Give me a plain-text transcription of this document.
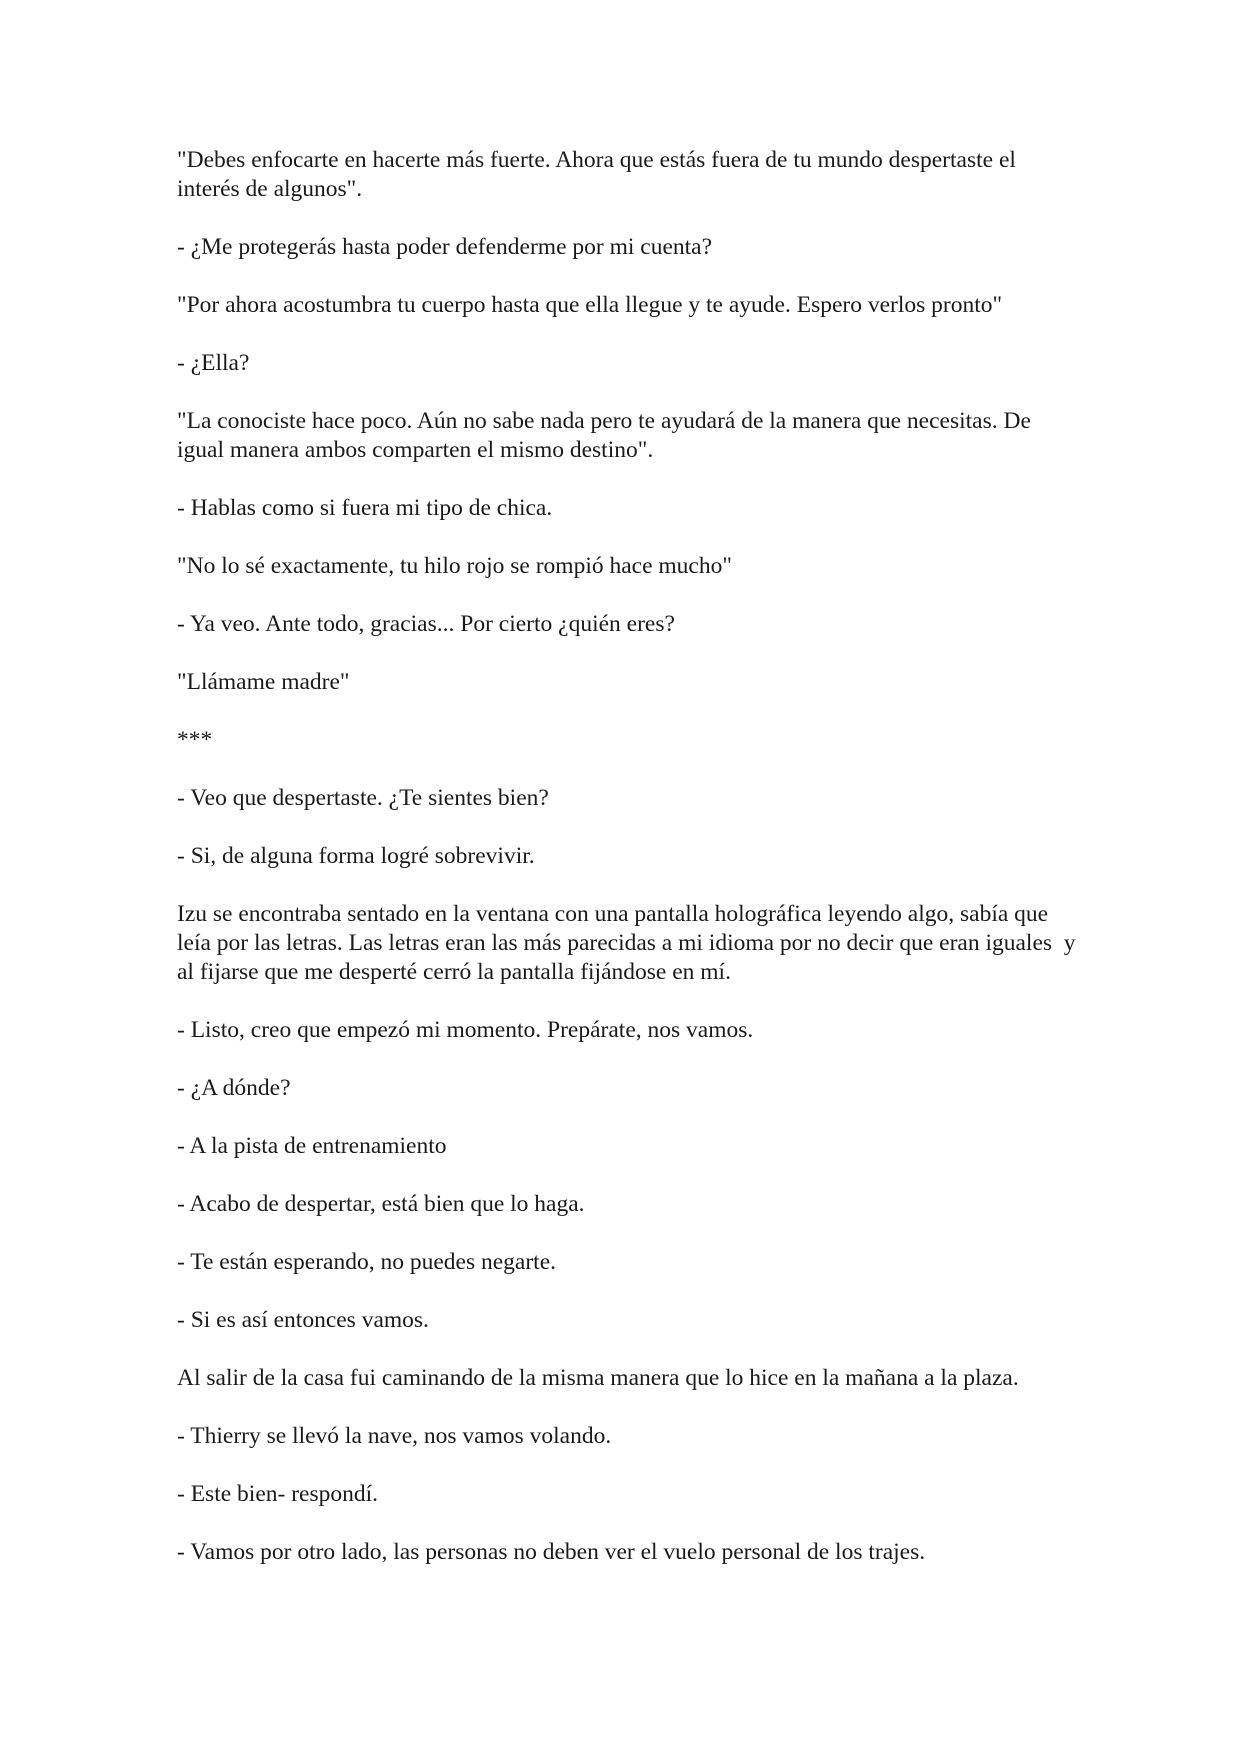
"Debes enfocarte en hacerte más fuerte. Ahora que estás fuera de tu mundo despertaste el interés de algunos".

- ¿Me protegerás hasta poder defenderme por mi cuenta?

"Por ahora acostumbra tu cuerpo hasta que ella llegue y te ayude. Espero verlos pronto"

- ¿Ella?

"La conociste hace poco. Aún no sabe nada pero te ayudará de la manera que necesitas. De igual manera ambos comparten el mismo destino".

- Hablas como si fuera mi tipo de chica.

"No lo sé exactamente, tu hilo rojo se rompió hace mucho"

- Ya veo. Ante todo, gracias... Por cierto ¿quién eres?

"Llámame madre"

***

- Veo que despertaste. ¿Te sientes bien?

- Si, de alguna forma logré sobrevivir.

Izu se encontraba sentado en la ventana con una pantalla holográfica leyendo algo, sabía que leía por las letras. Las letras eran las más parecidas a mi idioma por no decir que eran iguales  y al fijarse que me desperté cerró la pantalla fijándose en mí.

- Listo, creo que empezó mi momento. Prepárate, nos vamos.

- ¿A dónde?

- A la pista de entrenamiento

- Acabo de despertar, está bien que lo haga.

- Te están esperando, no puedes negarte.

- Si es así entonces vamos.

Al salir de la casa fui caminando de la misma manera que lo hice en la mañana a la plaza.

- Thierry se llevó la nave, nos vamos volando.

- Este bien- respondí.

- Vamos por otro lado, las personas no deben ver el vuelo personal de los trajes.
